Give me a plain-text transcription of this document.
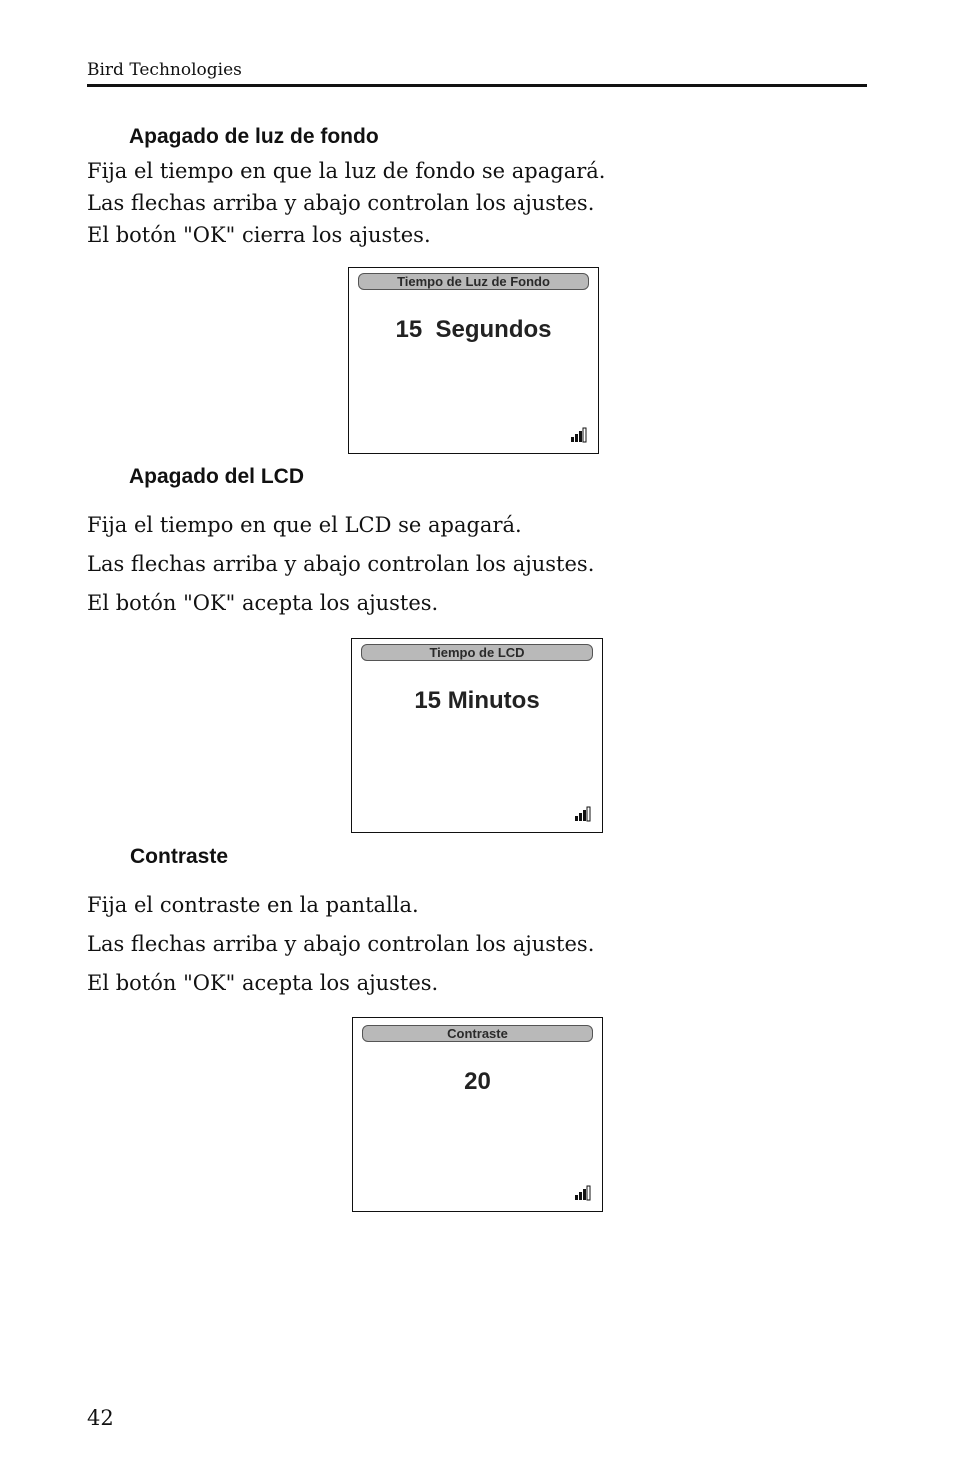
Bird Technologies
Apagado de luz de fondo
Fija el tiempo en que la luz de fondo se apagará.
Las flechas arriba y abajo controlan los ajustes.
El botón "OK" cierra los ajustes.
Tiempo de Luz de Fondo
15  Segundos
Apagado del LCD
Fija el tiempo en que el LCD se apagará.
Las flechas arriba y abajo controlan los ajustes.
El botón "OK" acepta los ajustes.
Tiempo de LCD
15 Minutos
Contraste
Fija el contraste en la pantalla.
Las flechas arriba y abajo controlan los ajustes.
El botón "OK" acepta los ajustes.
Contraste
20
42
